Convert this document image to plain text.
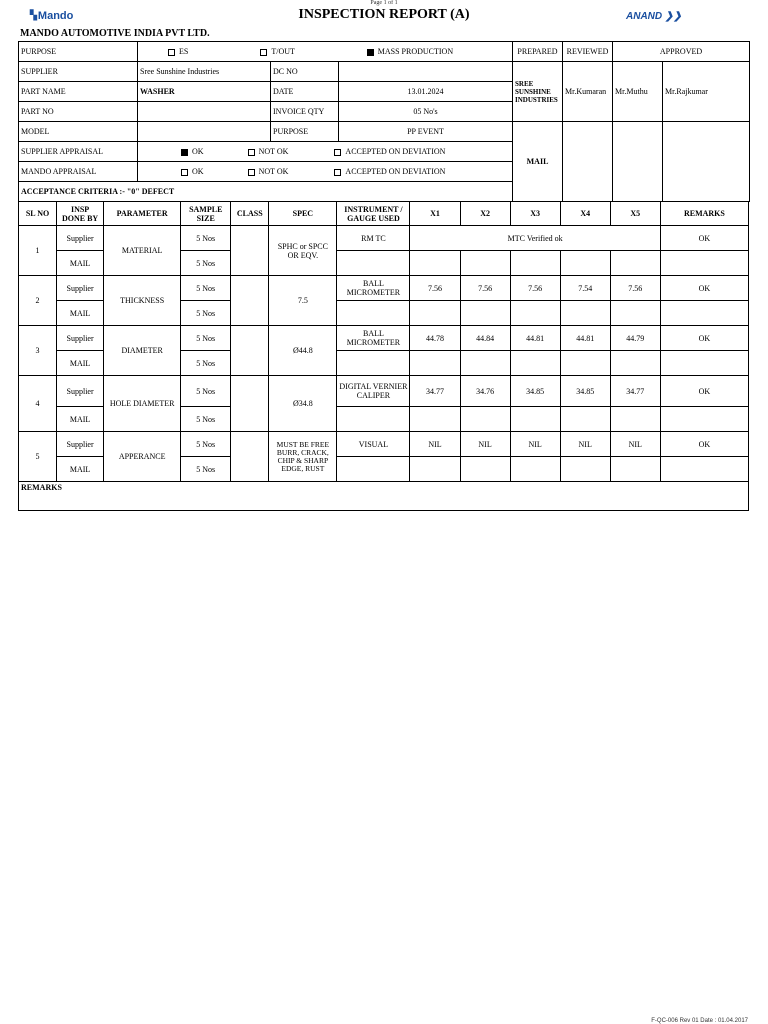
Page 1 of 1
▚Mando	INSPECTION REPORT (A)	ANAND ❯❯
MANDO AUTOMOTIVE INDIA PVT LTD.
PURPOSE	ES T/OUT MASS PRODUCTION			PREPARED	REVIEWED	APPROVED	
SUPPLIER	Sree Sunshine Industries	DC NO		SREE SUNSHINE INDUSTRIES	Mr.Kumaran	Mr.Muthu	Mr.Rajkumar
PART NAME	WASHER	DATE	13.01.2024				
PART NO		INVOICE QTY	05 No's				
MODEL		PURPOSE	PP EVENT	MAIL			
SUPPLIER APPRAISAL	OK NOT OK ACCEPTED ON DEVIATION						
MANDO APPRAISAL	OK NOT OK ACCEPTED ON DEVIATION						
ACCEPTANCE CRITERIA :- "0" DEFECT							
SL NO	INSP DONE BY	PARAMETER	SAMPLE SIZE	CLASS	SPEC	INSTRUMENT / GAUGE USED	X1	X2	X3	X4	X5	REMARKS
1	Supplier	MATERIAL	5 Nos		SPHC or SPCC OR EQV.	RM TC	MTC Verified ok					OK
	MAIL		5 Nos									
2	Supplier	THICKNESS	5 Nos		7.5	BALL MICROMETER	7.56	7.56	7.56	7.54	7.56	OK
	MAIL		5 Nos									
3	Supplier	DIAMETER	5 Nos		Ø44.8	BALL MICROMETER	44.78	44.84	44.81	44.81	44.79	OK
	MAIL		5 Nos									
4	Supplier	HOLE DIAMETER	5 Nos		Ø34.8	DIGITAL VERNIER CALIPER	34.77	34.76	34.85	34.85	34.77	OK
	MAIL		5 Nos									
5	Supplier	APPERANCE	5 Nos		MUST BE FREE BURR, CRACK, CHIP & SHARP EDGE, RUST	VISUAL	NIL	NIL	NIL	NIL	NIL	OK
	MAIL		5 Nos									
REMARKS												
F-QC-006 Rev 01 Date : 01.04.2017
